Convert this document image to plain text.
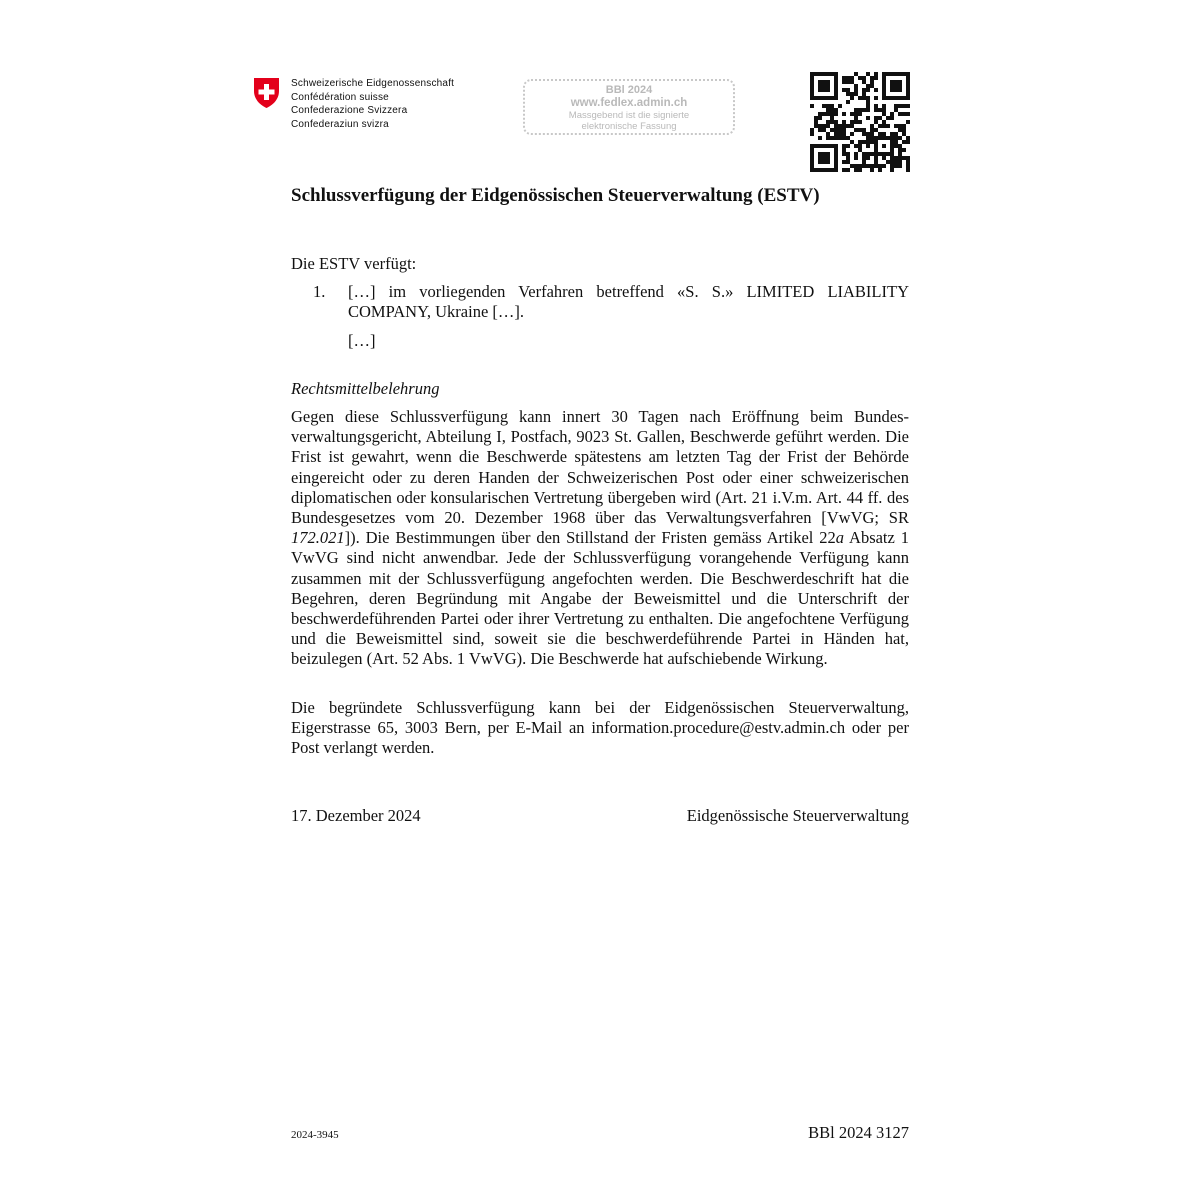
Schweizerische Eidgenossenschaft
Confédération suisse
Confederazione Svizzera
Confederaziun svizra
BBl 2024
www.fedlex.admin.ch
Massgebend ist die signierte
elektronische Fassung
Schlussverfügung der Eidgenössischen Steuerverwaltung (ESTV)
Die ESTV verfügt:
1. […] im vorliegenden Verfahren betreffend «S. S.» LIMITED LIABILITY COMPANY, Ukraine […].
[…]
Rechtsmittelbelehrung
Gegen diese Schlussverfügung kann innert 30 Tagen nach Eröffnung beim Bundesverwaltungsgericht, Abteilung I, Postfach, 9023 St. Gallen, Beschwerde geführt werden. Die Frist ist gewahrt, wenn die Beschwerde spätestens am letzten Tag der Frist der Behörde eingereicht oder zu deren Handen der Schweizerischen Post oder einer schweizerischen diplomatischen oder konsularischen Vertretung übergeben wird (Art. 21 i.V.m. Art. 44 ff. des Bundesgesetzes vom 20. Dezember 1968 über das Verwaltungsverfahren [VwVG; SR 172.021]). Die Bestimmungen über den Stillstand der Fristen gemäss Artikel 22a Absatz 1 VwVG sind nicht anwendbar. Jede der Schlussverfügung vorangehende Verfügung kann zusammen mit der Schlussverfügung angefochten werden. Die Beschwerdeschrift hat die Begehren, deren Begründung mit Angabe der Beweismittel und die Unterschrift der beschwerdeführenden Partei oder ihrer Vertretung zu enthalten. Die angefochtene Verfügung und die Beweismittel sind, soweit sie die beschwerdeführende Partei in Händen hat, beizulegen (Art. 52 Abs. 1 VwVG). Die Beschwerde hat aufschiebende Wirkung.
Die begründete Schlussverfügung kann bei der Eidgenössischen Steuerverwaltung, Eigerstrasse 65, 3003 Bern, per E-Mail an information.procedure@estv.admin.ch oder per Post verlangt werden.
17. Dezember 2024	Eidgenössische Steuerverwaltung
2024-3945	BBl 2024 3127
